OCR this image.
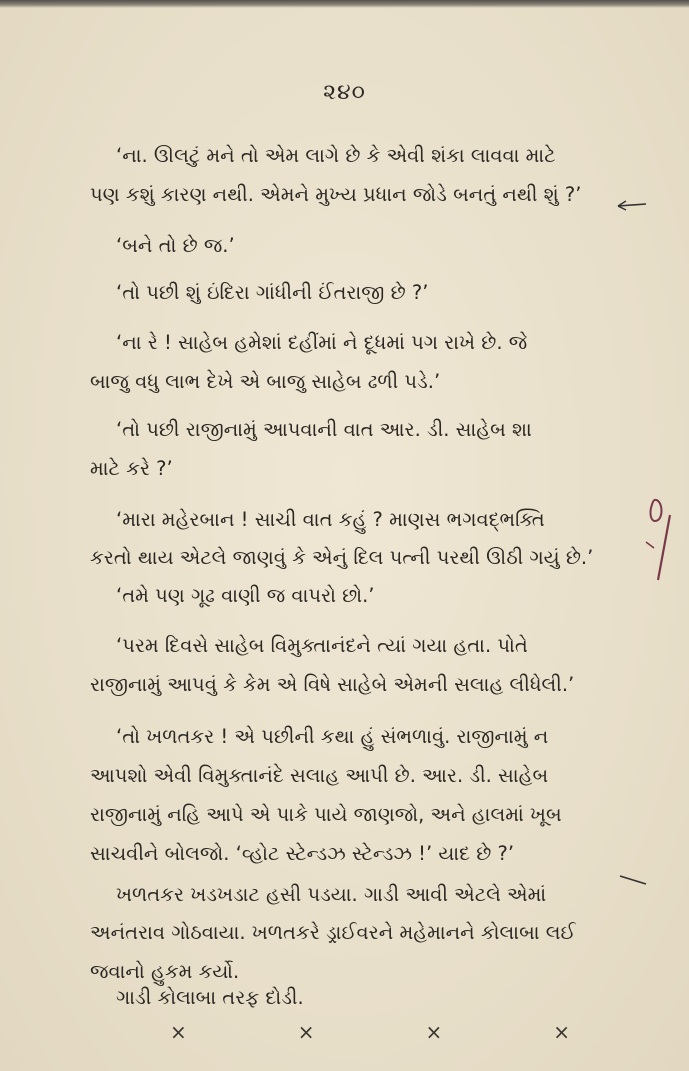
૨૪૦

‘ના. ઊલટું મને તો એમ લાગે છે કે એવી શંકા લાવવા માટે

પણ કશું કારણ નથી. એમને મુખ્ય પ્રધાન જોડે બનતું નથી શું ?’

‘બને તો છે જ.’

‘તો પછી શું ઇંદિરા ગાંધીની ઈંતરાજી છે ?’

‘ના રે ! સાહેબ હમેશાં દહીંમાં ને દૂધમાં પગ રાખે છે. જે

બાજુ વધુ લાભ દેખે એ બાજુ સાહેબ ઢળી પડે.’

‘તો પછી રાજીનામું આપવાની વાત આર. ડી. સાહેબ શા

માટે કરે ?’

‘મારા મહેરબાન ! સાચી વાત કહું ? માણસ ભગવદ્ભક્તિ

કરતો થાય એટલે જાણવું કે એનું દિલ પત્ની પરથી ઊઠી ગયું છે.’

‘તમે પણ ગૂઢ વાણી જ વાપરો છો.’

‘પરમ દિવસે સાહેબ વિમુક્તાનંદને ત્યાં ગયા હતા. પોતે

રાજીનામું આપવું કે કેમ એ વિષે સાહેબે એમની સલાહ લીધેલી.’

‘તો ખળતકર ! એ પછીની કથા હું સંભળાવું. રાજીનામું ન

આપશો એવી વિમુક્તાનંદે સલાહ આપી છે. આર. ડી. સાહેબ

રાજીનામું નહિ આપે એ પાકે પાયે જાણજો, અને હાલમાં ખૂબ

સાચવીને બોલજો. ‘વ્હોટ સ્ટેન્ડઝ સ્ટેન્ડઝ !’ યાદ છે ?’

ખળતકર ખડખડાટ હસી પડયા. ગાડી આવી એટલે એમાં

અનંતરાવ ગોઠવાયા. ખળતકરે ડ્રાઈવરને મહેમાનને કોલાબા લઈ

જવાનો હુકમ કર્યો.

×	×	×	×

ગાડી કોલાબા તરફ દોડી.
